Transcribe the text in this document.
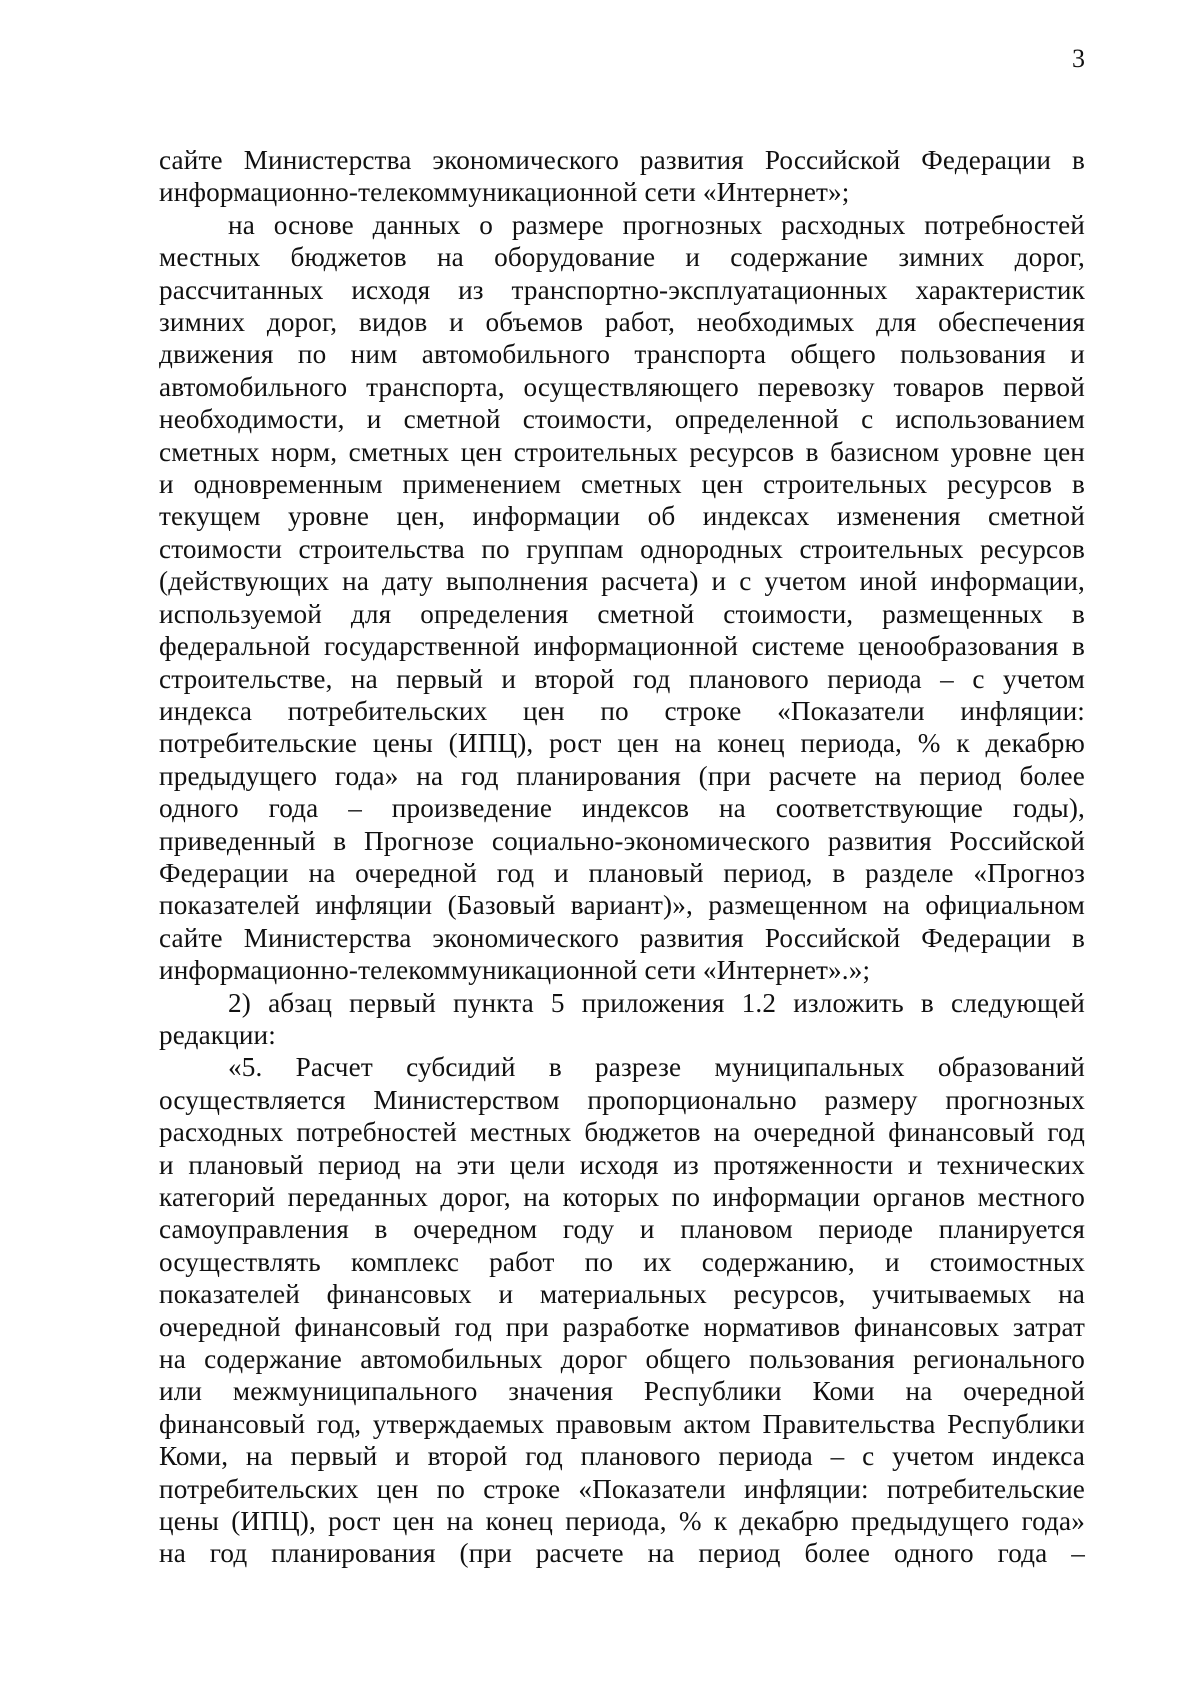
3

сайте Министерства экономического развития Российской Федерации в

информационно-телекоммуникационной сети «Интернет»;

на основе данных о размере прогнозных расходных потребностей

местных бюджетов на оборудование и содержание зимних дорог,

рассчитанных исходя из транспортно-эксплуатационных характеристик

зимних дорог, видов и объемов работ, необходимых для обеспечения

движения по ним автомобильного транспорта общего пользования и

автомобильного транспорта, осуществляющего перевозку товаров первой

необходимости, и сметной стоимости, определенной с использованием

сметных норм, сметных цен строительных ресурсов в базисном уровне цен

и одновременным применением сметных цен строительных ресурсов в

текущем уровне цен, информации об индексах изменения сметной

стоимости строительства по группам однородных строительных ресурсов

(действующих на дату выполнения расчета) и с учетом иной информации,

используемой для определения сметной стоимости, размещенных в

федеральной государственной информационной системе ценообразования в

строительстве, на первый и второй год планового периода – с учетом

индекса потребительских цен по строке «Показатели инфляции:

потребительские цены (ИПЦ), рост цен на конец периода, % к декабрю

предыдущего года» на год планирования (при расчете на период более

одного года – произведение индексов на соответствующие годы),

приведенный в Прогнозе социально-экономического развития Российской

Федерации на очередной год и плановый период, в разделе «Прогноз

показателей инфляции (Базовый вариант)», размещенном на официальном

сайте Министерства экономического развития Российской Федерации в

информационно-телекоммуникационной сети «Интернет».»;

2) абзац первый пункта 5 приложения 1.2 изложить в следующей

редакции:

«5. Расчет субсидий в разрезе муниципальных образований

осуществляется Министерством пропорционально размеру прогнозных

расходных потребностей местных бюджетов на очередной финансовый год

и плановый период на эти цели исходя из протяженности и технических

категорий переданных дорог, на которых по информации органов местного

самоуправления в очередном году и плановом периоде планируется

осуществлять комплекс работ по их содержанию, и стоимостных

показателей финансовых и материальных ресурсов, учитываемых на

очередной финансовый год при разработке нормативов финансовых затрат

на содержание автомобильных дорог общего пользования регионального

или межмуниципального значения Республики Коми на очередной

финансовый год, утверждаемых правовым актом Правительства Республики

Коми, на первый и второй год планового периода – с учетом индекса

потребительских цен по строке «Показатели инфляции: потребительские

цены (ИПЦ), рост цен на конец периода, % к декабрю предыдущего года»

на год планирования (при расчете на период более одного года –
